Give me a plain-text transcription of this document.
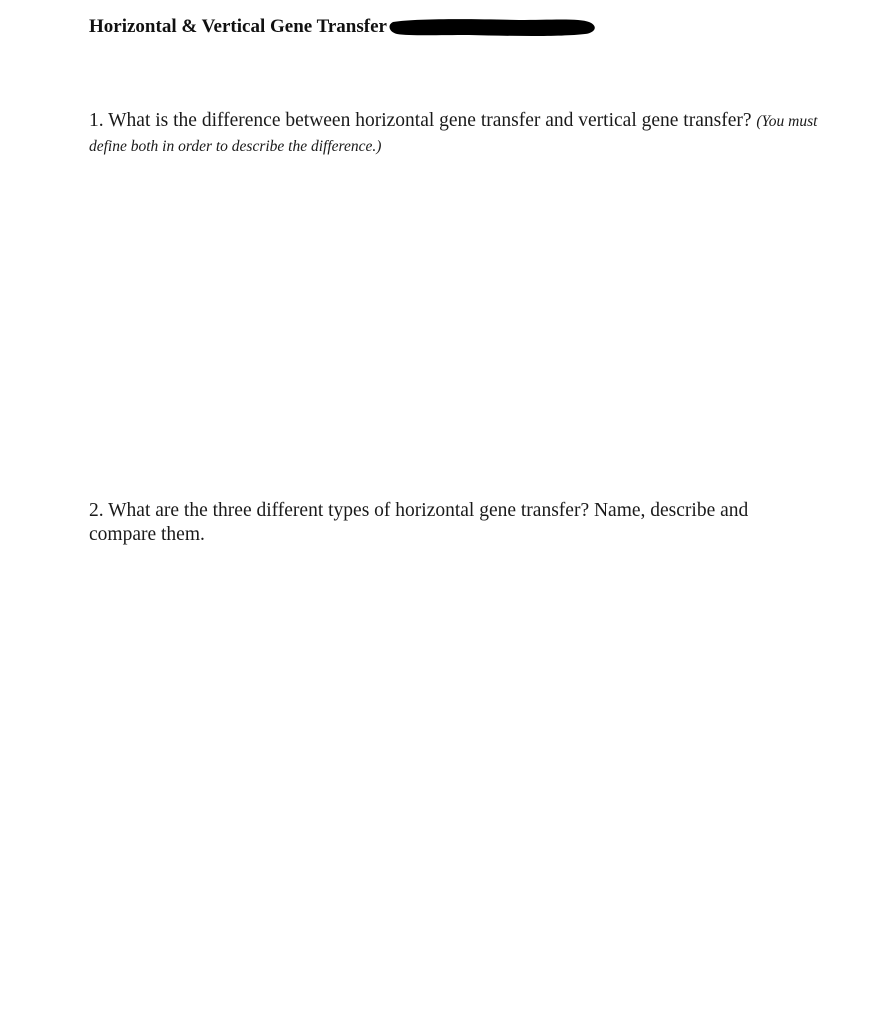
Horizontal & Vertical Gene Transfer
1. What is the difference between horizontal gene transfer and vertical gene transfer? (You must define both in order to describe the difference.)
2. What are the three different types of horizontal gene transfer? Name, describe and compare them.
